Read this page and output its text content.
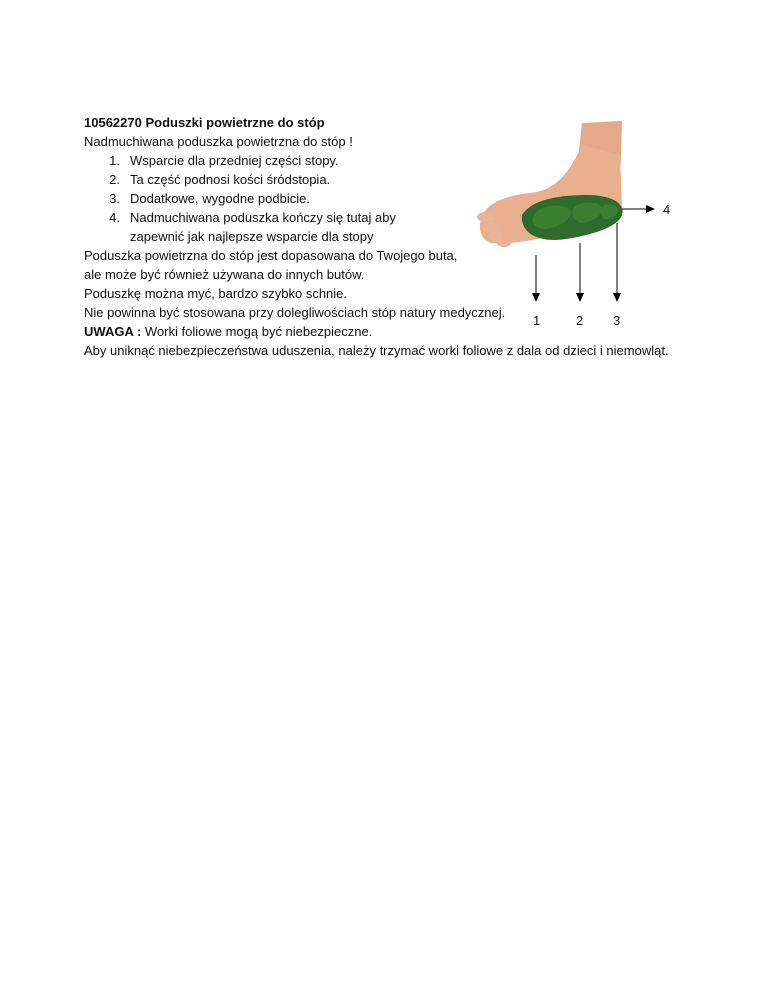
10562270 Poduszki powietrzne do stóp
Nadmuchiwana poduszka powietrzna do stóp !
1. Wsparcie dla przedniej części stopy.
2. Ta część podnosi kości śródstopia.
3. Dodatkowe, wygodne podbicie.
4. Nadmuchiwana poduszka kończy się tutaj aby
zapewnić jak najlepsze wsparcie dla stopy
Poduszka powietrzna do stóp jest dopasowana do Twojego buta,
ale może być również używana do innych butów.
Poduszkę można myć, bardzo szybko schnie.
Nie powinna być stosowana przy dolegliwościach stóp natury medycznej.
UWAGA : Worki foliowe mogą być niebezpieczne.
Aby uniknąć niebezpieczeństwa uduszenia, należy trzymać worki foliowe z dala od dzieci i niemowląt.
1	2 3
4
